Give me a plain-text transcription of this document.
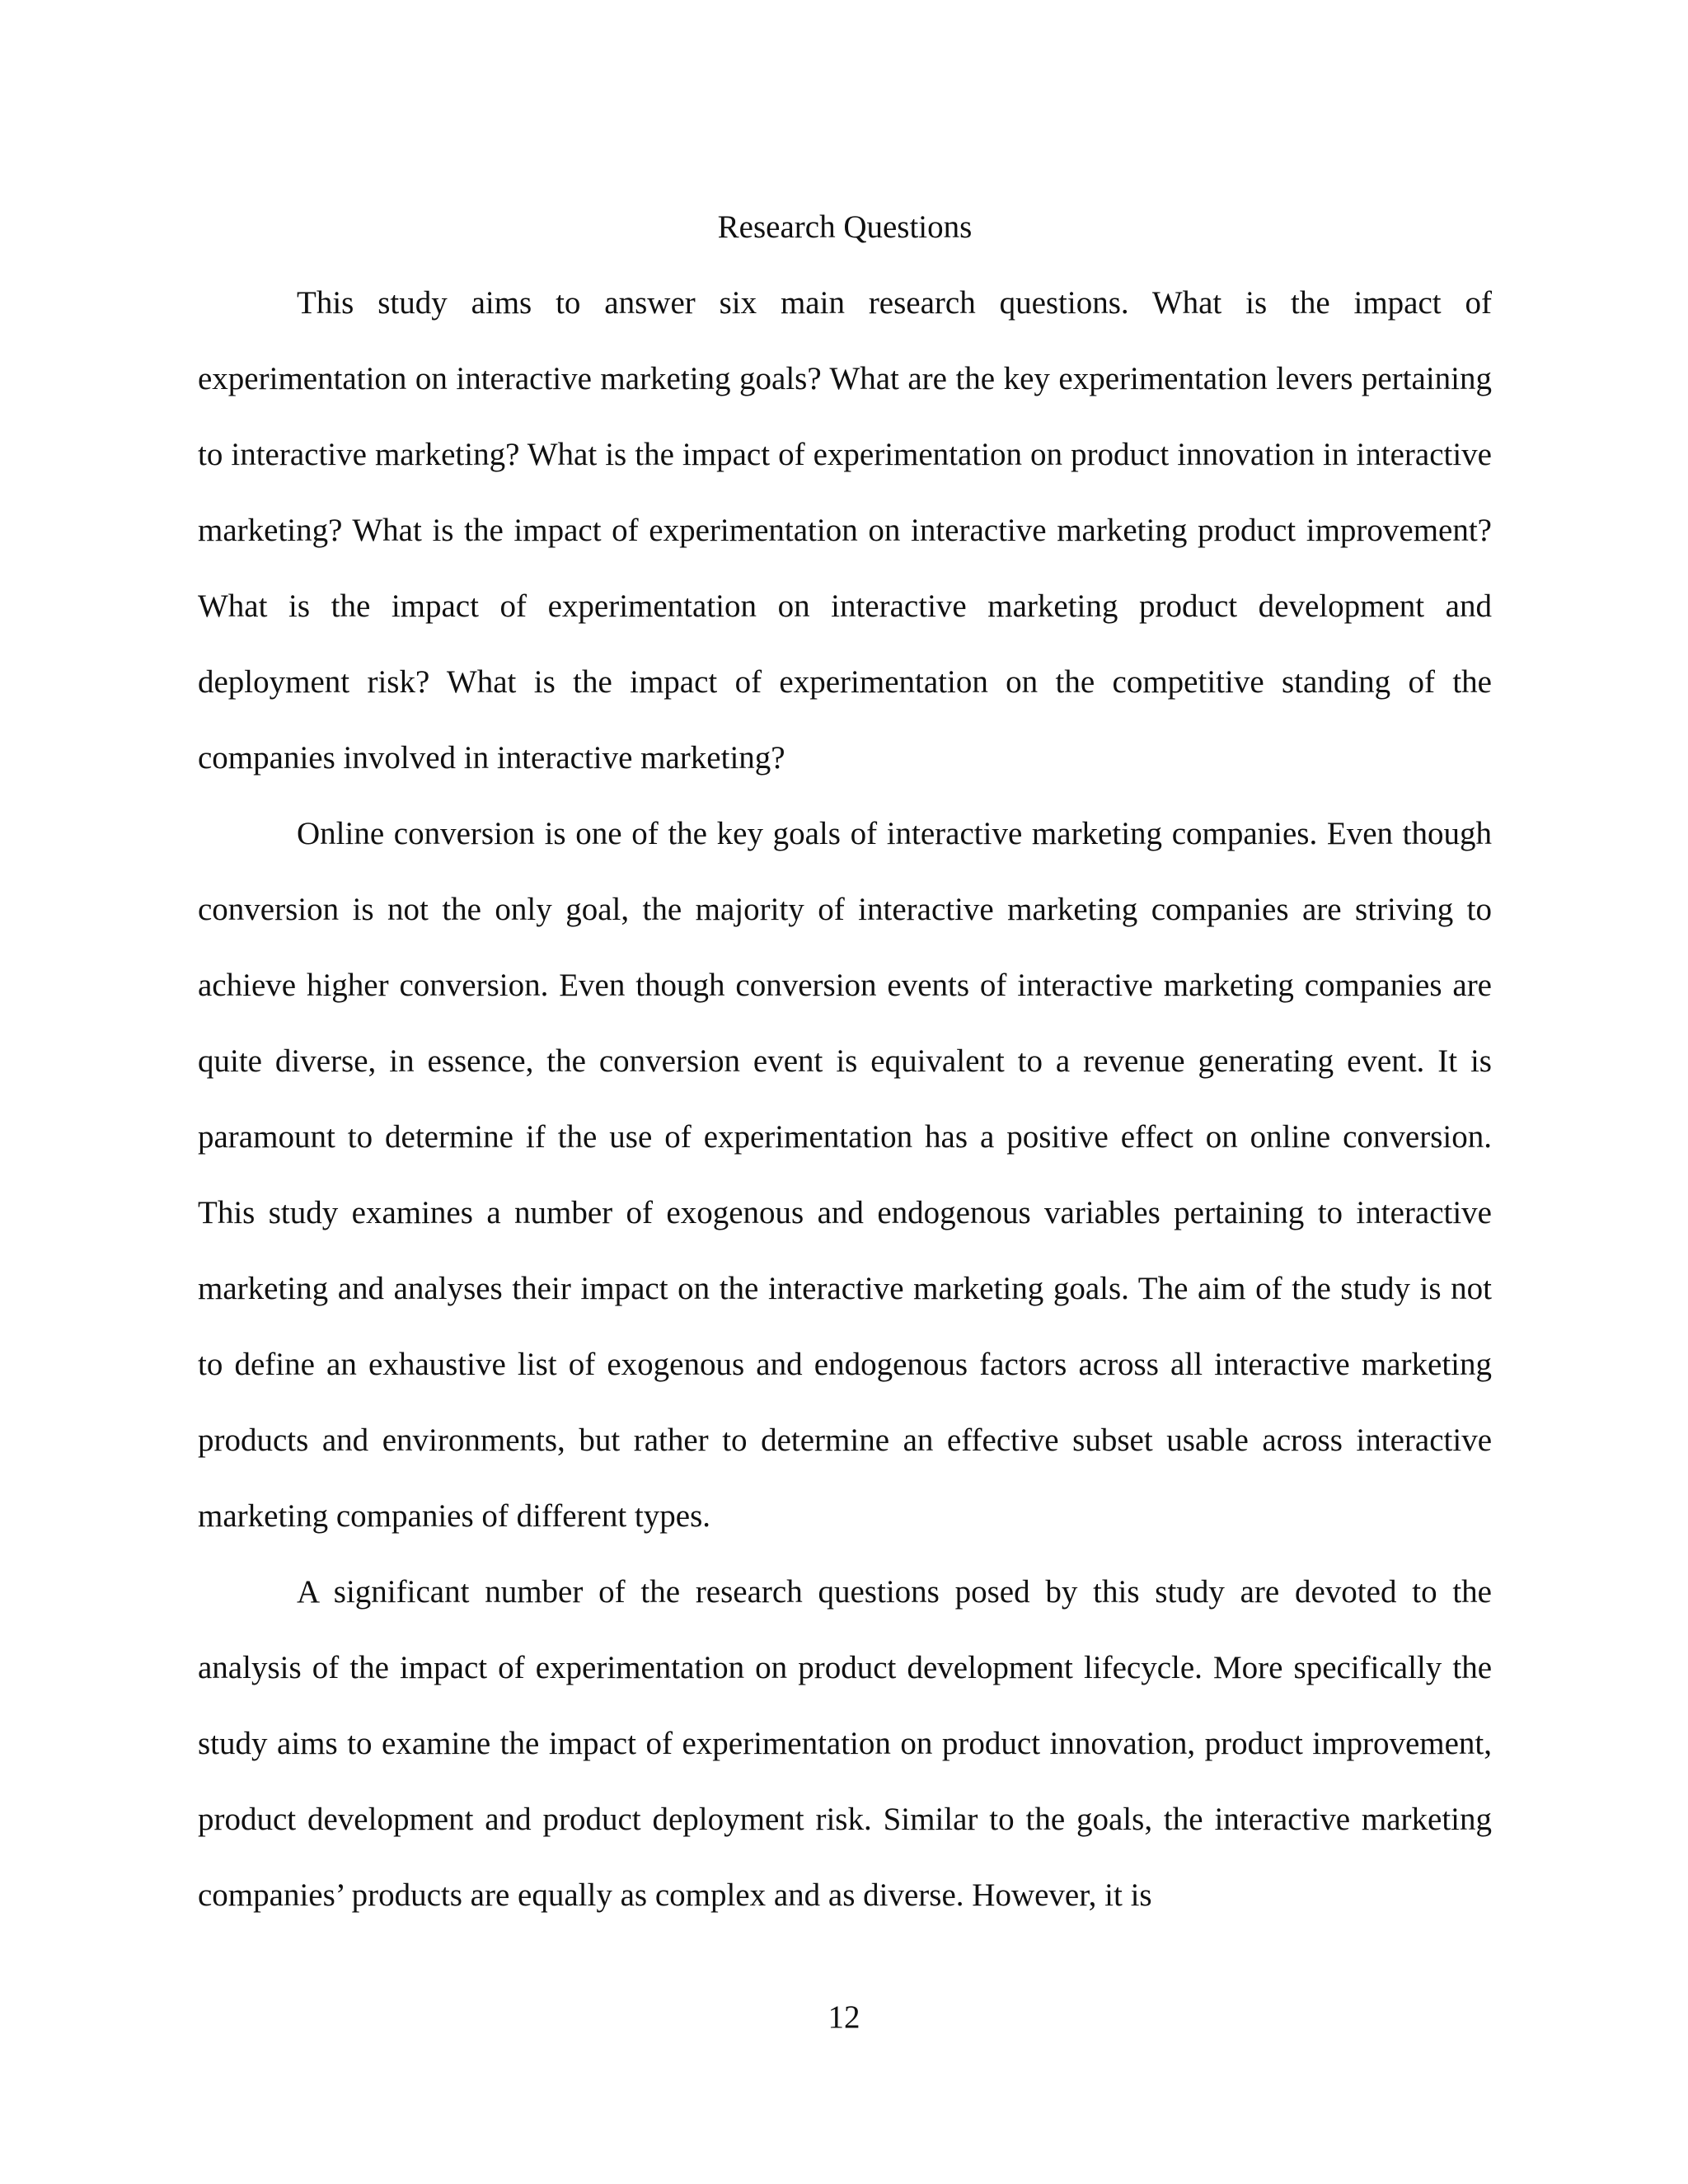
Research Questions

This study aims to answer six main research questions. What is the impact of experimentation on interactive marketing goals? What are the key experimentation levers pertaining to interactive marketing? What is the impact of experimentation on product innovation in interactive marketing? What is the impact of experimentation on interactive marketing product improvement? What is the impact of experimentation on interactive marketing product development and deployment risk? What is the impact of experimentation on the competitive standing of the companies involved in interactive marketing?

Online conversion is one of the key goals of interactive marketing companies. Even though conversion is not the only goal, the majority of interactive marketing companies are striving to achieve higher conversion. Even though conversion events of interactive marketing companies are quite diverse, in essence, the conversion event is equivalent to a revenue generating event. It is paramount to determine if the use of experimentation has a positive effect on online conversion. This study examines a number of exogenous and endogenous variables pertaining to interactive marketing and analyses their impact on the interactive marketing goals. The aim of the study is not to define an exhaustive list of exogenous and endogenous factors across all interactive marketing products and environments, but rather to determine an effective subset usable across interactive marketing companies of different types.

A significant number of the research questions posed by this study are devoted to the analysis of the impact of experimentation on product development lifecycle. More specifically the study aims to examine the impact of experimentation on product innovation, product improvement, product development and product deployment risk. Similar to the goals, the interactive marketing companies’ products are equally as complex and as diverse. However, it is

12
